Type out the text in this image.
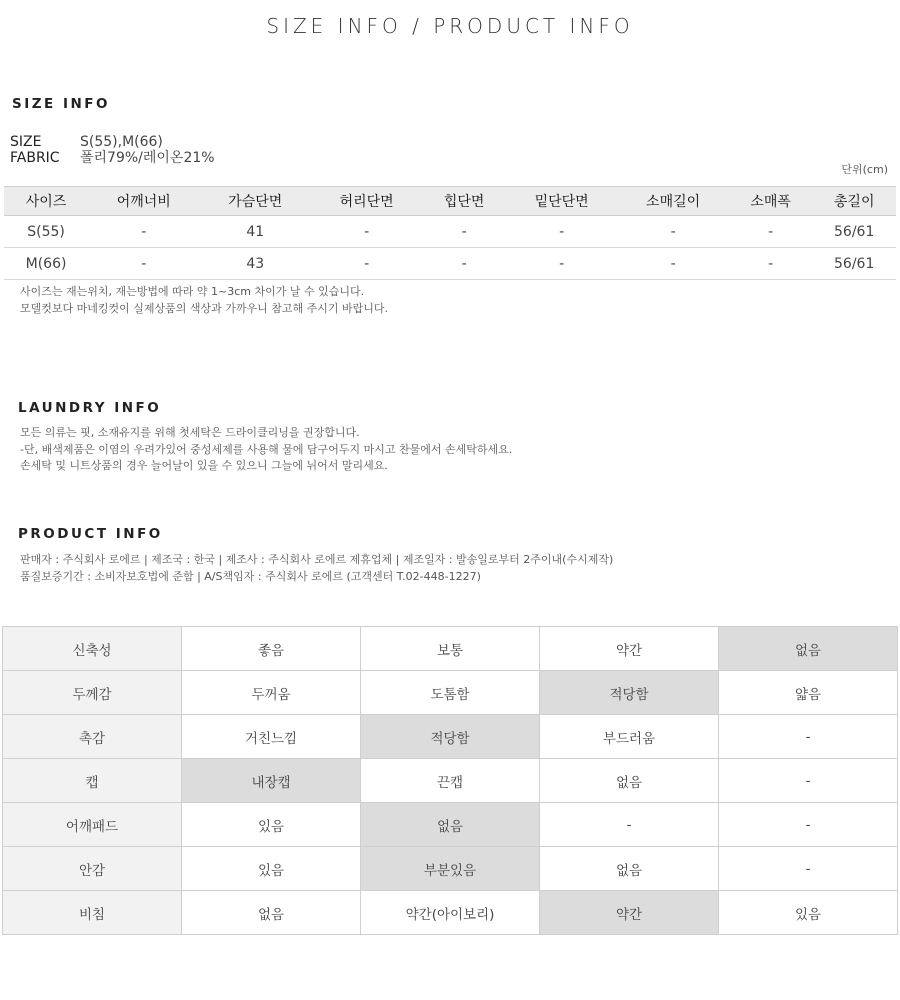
SIZE INFO / PRODUCT INFO
SIZE INFO
SIZE	S(55),M(66)
FABRIC 폴리79%/레이온21%
단위(cm)
사이즈	어깨너비	가슴단면	허리단면	힙단면	밑단단면	소매길이	소매폭	총길이
S(55)	-	41	-	-	-	-	-	56/61
M(66)	-	43	-	-	-	-	-	56/61
사이즈는 재는위치, 재는방법에 따라 약 1~3cm 차이가 날 수 있습니다.
모델컷보다 마네킹컷이 실제상품의 색상과 가까우니 참고해 주시기 바랍니다.
LAUNDRY INFO
모든 의류는 핏, 소재유지를 위해 첫세탁은 드라이클리닝을 권장합니다.
-단, 배색제품은 이염의 우려가있어 중성세제를 사용해 물에 담구어두지 마시고 찬물에서 손세탁하세요.
손세탁 및 니트상품의 경우 늘어날이 있을 수 있으니 그늘에 뉘어서 말리세요.
PRODUCT INFO
판매자 : 주식회사 로에르 | 제조국 : 한국 | 제조사 : 주식회사 로에르 제휴업체 | 제조일자 : 발송일로부터 2주이내(수시제작)
품질보증기간 : 소비자보호법에 준함 | A/S책임자 : 주식회사 로에르 (고객센터 T.02-448-1227)
신축성	좋음	보통	약간	없음
두께감	두꺼움	도톰함	적당함	얇음
촉감	거친느낌	적당함	부드러움	-
캡	내장캡	끈캡	없음	-
어깨패드	있음	없음	-	-
안감	있음	부분있음	없음	-
비침	없음	약간(아이보리)	약간	있음
